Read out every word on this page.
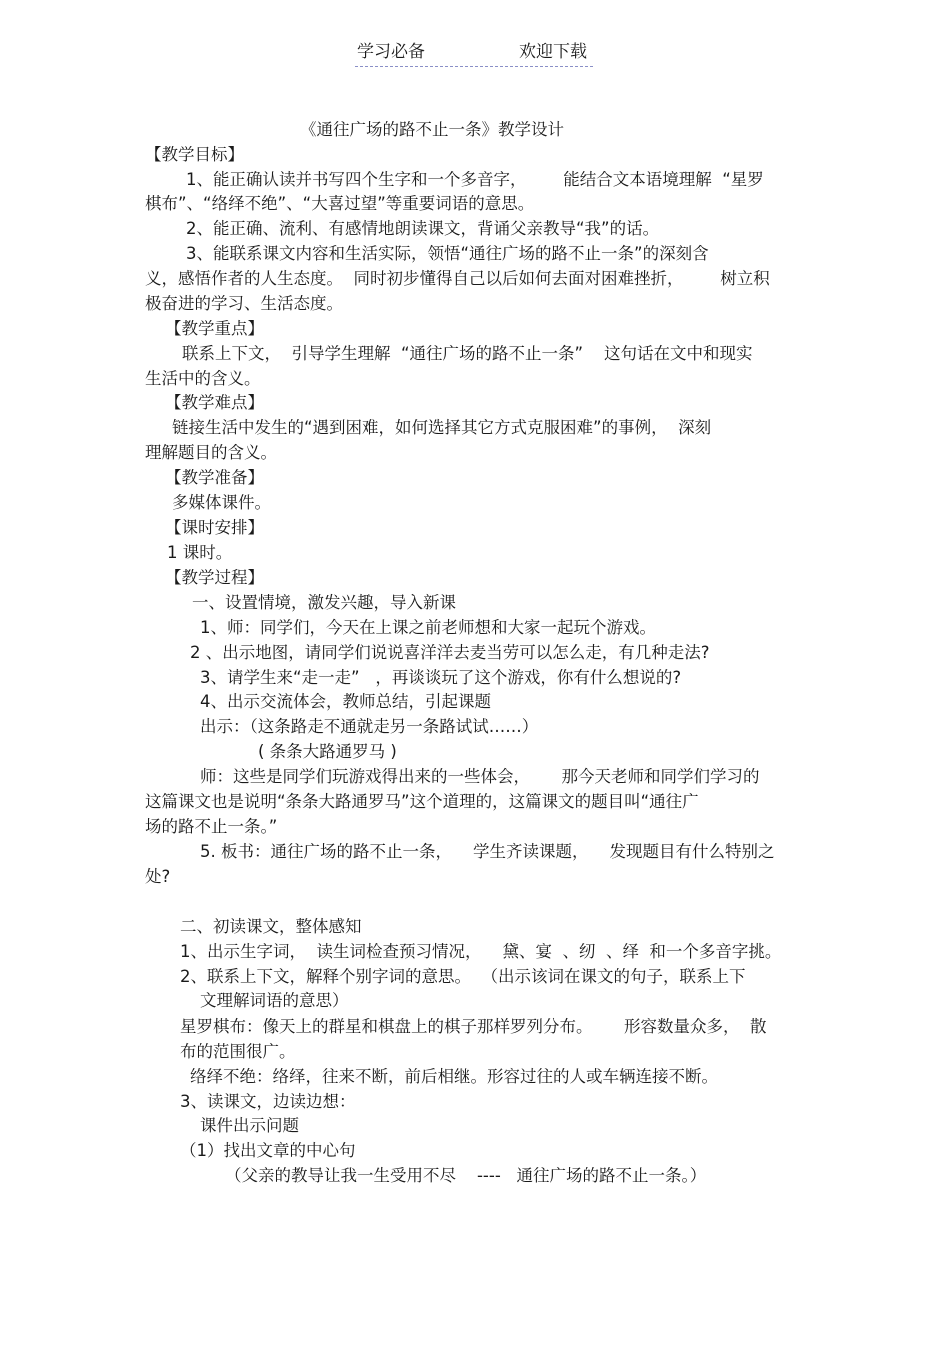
学习必备	欢迎下载
《通往广场的路不止一条》教学设计
【教学目标】
1、能正确认读并书写四个生字和一个多音字，       能结合文本语境理解  “星罗
棋布”、“络绎不绝”、“大喜过望”等重要词语的意思。
2、能正确、流利、有感情地朗读课文，背诵父亲教导“我”的话。
3、能联系课文内容和生活实际，领悟“通往广场的路不止一条”的深刻含
义，感悟作者的人生态度。  同时初步懂得自己以后如何去面对困难挫折，       树立积
极奋进的学习、生活态度。
【教学重点】
联系上下文，  引导学生理解  “通往广场的路不止一条”    这句话在文中和现实
生活中的含义。
【教学难点】
链接生活中发生的“遇到困难，如何选择其它方式克服困难”的事例，  深刻
理解题目的含义。
【教学准备】
多媒体课件。
【课时安排】
1 课时。
【教学过程】
一、设置情境，激发兴趣，导入新课
1、师：同学们，今天在上课之前老师想和大家一起玩个游戏。
2 、出示地图，请同学们说说喜洋洋去麦当劳可以怎么走，有几种走法?
3、请学生来“走一走”   ，再谈谈玩了这个游戏，你有什么想说的?
4、出示交流体会，教师总结，引起课题
出示：（这条路走不通就走另一条路试试……）
( 条条大路通罗马 )
师：这些是同学们玩游戏得出来的一些体会，      那今天老师和同学们学习的
这篇课文也是说明“条条大路通罗马”这个道理的，这篇课文的题目叫“通往广
场的路不止一条。”
5. 板书：通往广场的路不止一条，    学生齐读课题，    发现题目有什么特别之
处?
二、初读课文，整体感知
1、出示生字词，  读生词检查预习情况，    黛、宴  、纫  、绎  和一个多音字挑。
2、联系上下文，解释个别字词的意思。  （出示该词在课文的句子，联系上下
文理解词语的意思）
星罗棋布：像天上的群星和棋盘上的棋子那样罗列分布。      形容数量众多，  散
布的范围很广。
络绎不绝：络绎，往来不断，前后相继。形容过往的人或车辆连接不断。
3、读课文，边读边想：
课件出示问题
（1）找出文章的中心句
（父亲的教导让我一生受用不尽    ----   通往广场的路不止一条。）
